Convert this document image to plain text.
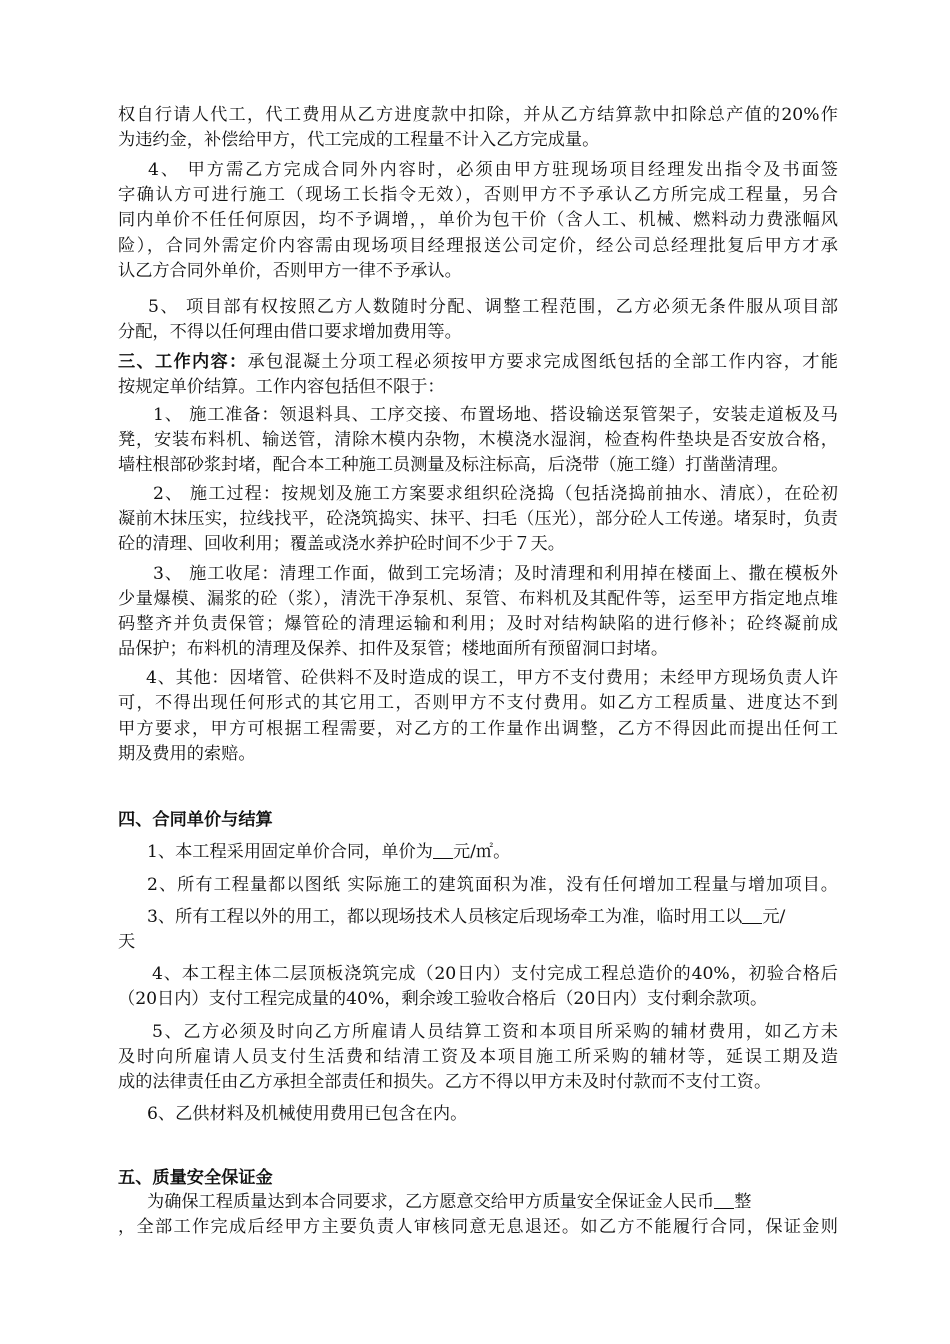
权自行请人代工，代工费用从乙方进度款中扣除，并从乙方结算款中扣除总产值的20%作
为违约金，补偿给甲方，代工完成的工程量不计入乙方完成量。
4、 甲方需乙方完成合同外内容时，必须由甲方驻现场项目经理发出指令及书面签
字确认方可进行施工（现场工长指令无效），否则甲方不予承认乙方所完成工程量，另合
同内单价不任任何原因，均不予调增，，单价为包干价（含人工、机械、燃料动力费涨幅风
险），合同外需定价内容需由现场项目经理报送公司定价，经公司总经理批复后甲方才承
认乙方合同外单价，否则甲方一律不予承认。
5、 项目部有权按照乙方人数随时分配、调整工程范围，乙方必须无条件服从项目部
分配，不得以任何理由借口要求增加费用等。
三、工作内容：承包混凝土分项工程必须按甲方要求完成图纸包括的全部工作内容，才能
按规定单价结算。工作内容包括但不限于：
1、 施工准备：领退料具、工序交接、布置场地、搭设输送泵管架子，安装走道板及马
凳，安装布料机、输送管，清除木模内杂物，木模浇水湿润，检查构件垫块是否安放合格，
墙柱根部砂浆封堵，配合本工种施工员测量及标注标高，后浇带（施工缝）打凿凿清理。
2、 施工过程：按规划及施工方案要求组织砼浇捣（包括浇捣前抽水、清底），在砼初
凝前木抹压实，拉线找平，砼浇筑捣实、抹平、扫毛（压光），部分砼人工传递。堵泵时，负责
砼的清理、回收利用；覆盖或浇水养护砼时间不少于７天。
3、 施工收尾：清理工作面，做到工完场清；及时清理和利用掉在楼面上、撒在模板外
少量爆模、漏浆的砼（浆），清洗干净泵机、泵管、布料机及其配件等，运至甲方指定地点堆
码整齐并负责保管；爆管砼的清理运输和利用；及时对结构缺陷的进行修补；砼终凝前成
品保护；布料机的清理及保养、扣件及泵管；楼地面所有预留洞口封堵。
4、其他：因堵管、砼供料不及时造成的误工，甲方不支付费用；未经甲方现场负责人许
可，不得出现任何形式的其它用工，否则甲方不支付费用。如乙方工程质量、进度达不到
甲方要求，甲方可根据工程需要，对乙方的工作量作出调整，乙方不得因此而提出任何工
期及费用的索赔。
四、合同单价与结算
1、本工程采用固定单价合同，单价为 元/㎡。
2、所有工程量都以图纸 实际施工的建筑面积为准，没有任何增加工程量与增加项目。
3、所有工程以外的用工，都以现场技术人员核定后现场牵工为准，临时用工以 元/
天
4、本工程主体二层顶板浇筑完成（20日内）支付完成工程总造价的40%，初验合格后
（20日内）支付工程完成量的40%，剩余竣工验收合格后（20日内）支付剩余款项。
5、乙方必须及时向乙方所雇请人员结算工资和本项目所采购的辅材费用，如乙方未
及时向所雇请人员支付生活费和结清工资及本项目施工所采购的辅材等，延误工期及造
成的法律责任由乙方承担全部责任和损失。乙方不得以甲方未及时付款而不支付工资。
6、乙供材料及机械使用费用已包含在内。
五、质量安全保证金
为确保工程质量达到本合同要求，乙方愿意交给甲方质量安全保证金人民币 整
，全部工作完成后经甲方主要负责人审核同意无息退还。如乙方不能履行合同，保证金则
